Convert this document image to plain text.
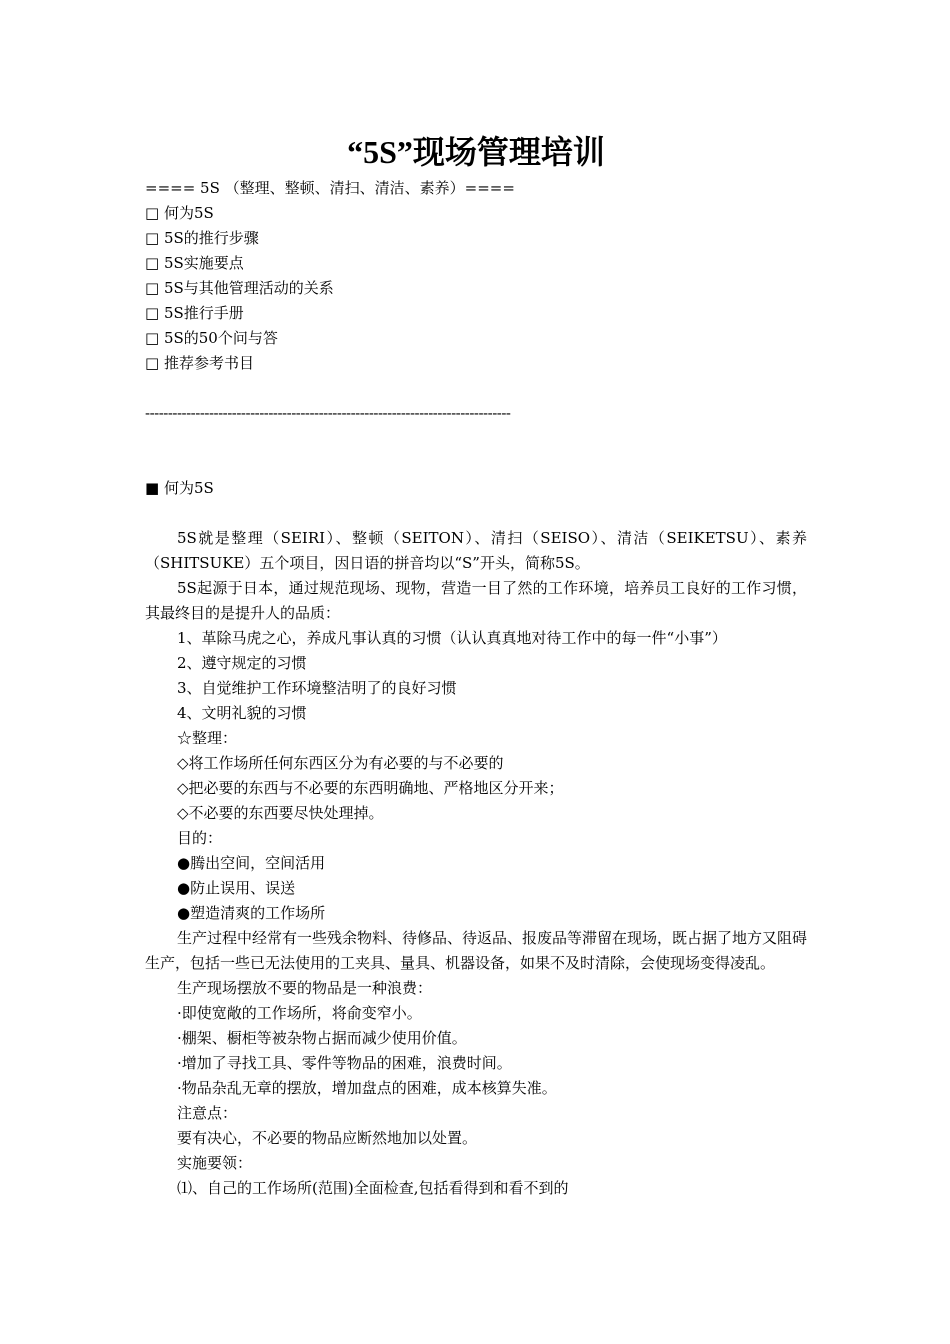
“5S”现场管理培训

==== 5S （整理、整顿、清扫、清洁、素养）====

□ 何为5S

□ 5S的推行步骤

□ 5S实施要点

□ 5S与其他管理活动的关系

□ 5S推行手册

□ 5S的50个问与答

□ 推荐参考书目

--------------------------------------------------------------------------------

■ 何为5S

5S就是整理（SEIRI）、整顿（SEITON）、清扫（SEISO）、清洁（SEIKETSU）、素养（SHITSUKE）五个项目，因日语的拼音均以“S”开头，简称5S。

5S起源于日本，通过规范现场、现物，营造一目了然的工作环境，培养员工良好的工作习惯，其最终目的是提升人的品质：

1、革除马虎之心，养成凡事认真的习惯（认认真真地对待工作中的每一件“小事”）

2、遵守规定的习惯

3、自觉维护工作环境整洁明了的良好习惯

4、文明礼貌的习惯

☆整理：

◇将工作场所任何东西区分为有必要的与不必要的

◇把必要的东西与不必要的东西明确地、严格地区分开来；

◇不必要的东西要尽快处理掉。

目的：

●腾出空间，空间活用

●防止误用、误送

●塑造清爽的工作场所

生产过程中经常有一些残余物料、待修品、待返品、报废品等滞留在现场，既占据了地方又阻碍生产，包括一些已无法使用的工夹具、量具、机器设备，如果不及时清除，会使现场变得凌乱。

生产现场摆放不要的物品是一种浪费：

·即使宽敞的工作场所，将俞变窄小。

·棚架、橱柜等被杂物占据而减少使用价值。

·增加了寻找工具、零件等物品的困难，浪费时间。

·物品杂乱无章的摆放，增加盘点的困难，成本核算失准。

注意点：

要有决心，不必要的物品应断然地加以处置。

实施要领：

⑴、自己的工作场所(范围)全面检查,包括看得到和看不到的
